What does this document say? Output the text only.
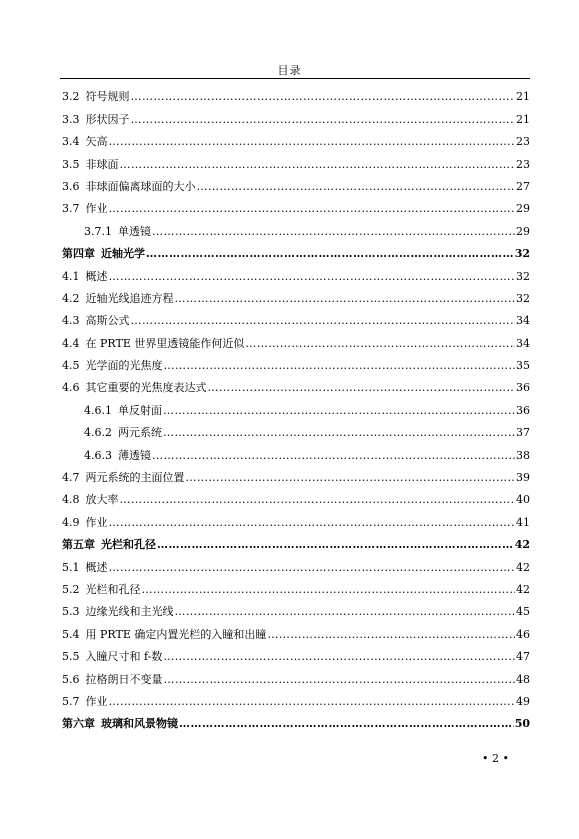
目录
3.2 符号规则 …………………………………………………………………………………………………………………………………………………………………………………………………………………………	21
3.3 形状因子 …………………………………………………………………………………………………………………………………………………………………………………………………………………………	21
3.4 矢高 …………………………………………………………………………………………………………………………………………………………………………………………………………………………	23
3.5 非球面 …………………………………………………………………………………………………………………………………………………………………………………………………………………………	23
3.6 非球面偏离球面的大小 …………………………………………………………………………………………………………………………………………………………………………………………………………………………	27
3.7 作业 …………………………………………………………………………………………………………………………………………………………………………………………………………………………	29
3.7.1 单透镜 …………………………………………………………………………………………………………………………………………………………………………………………………………………………	29
第四章 近轴光学 …………………………………………………………………………………………………………………………………………………………………………………………………………………………	32
4.1 概述 …………………………………………………………………………………………………………………………………………………………………………………………………………………………	32
4.2 近轴光线追迹方程 …………………………………………………………………………………………………………………………………………………………………………………………………………………………	32
4.3 高斯公式 …………………………………………………………………………………………………………………………………………………………………………………………………………………………	34
4.4 在 PRTE 世界里透镜能作何近似 …………………………………………………………………………………………………………………………………………………………………………………………………………………………	34
4.5 光学面的光焦度 …………………………………………………………………………………………………………………………………………………………………………………………………………………………	35
4.6 其它重要的光焦度表达式 …………………………………………………………………………………………………………………………………………………………………………………………………………………………	36
4.6.1 单反射面 …………………………………………………………………………………………………………………………………………………………………………………………………………………………	36
4.6.2 两元系统 …………………………………………………………………………………………………………………………………………………………………………………………………………………………	37
4.6.3 薄透镜 …………………………………………………………………………………………………………………………………………………………………………………………………………………………	38
4.7 两元系统的主面位置 …………………………………………………………………………………………………………………………………………………………………………………………………………………………	39
4.8 放大率 …………………………………………………………………………………………………………………………………………………………………………………………………………………………	40
4.9 作业 …………………………………………………………………………………………………………………………………………………………………………………………………………………………	41
第五章 光栏和孔径 …………………………………………………………………………………………………………………………………………………………………………………………………………………………	42
5.1 概述 …………………………………………………………………………………………………………………………………………………………………………………………………………………………	42
5.2 光栏和孔径 …………………………………………………………………………………………………………………………………………………………………………………………………………………………	42
5.3 边缘光线和主光线 …………………………………………………………………………………………………………………………………………………………………………………………………………………………	45
5.4 用 PRTE 确定内置光栏的入瞳和出瞳 …………………………………………………………………………………………………………………………………………………………………………………………………………………………	46
5.5 入瞳尺寸和 f-数 …………………………………………………………………………………………………………………………………………………………………………………………………………………………	47
5.6 拉格朗日不变量 …………………………………………………………………………………………………………………………………………………………………………………………………………………………	48
5.7 作业 …………………………………………………………………………………………………………………………………………………………………………………………………………………………	49
第六章 玻璃和风景物镜 …………………………………………………………………………………………………………………………………………………………………………………………………………………………	50
• 2 •
